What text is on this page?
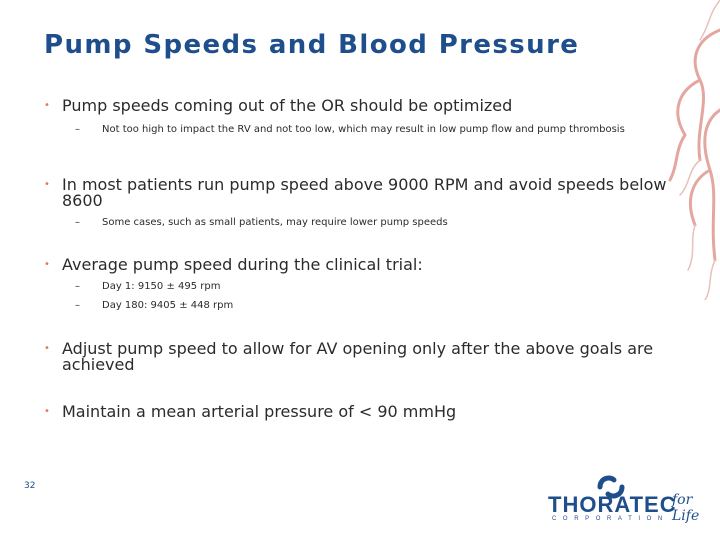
Pump Speeds and Blood Pressure
• Pump speeds coming out of the OR should be optimized
–	Not too high to impact the RV and not too low, which may result in low pump flow and pump thrombosis
• In most patients run pump speed above 9000 RPM and avoid speeds below 8600
–	Some cases, such as small patients, may require lower pump speeds
• Average pump speed during the clinical trial:
–	Day 1: 9150 ± 495 rpm
–	Day 180: 9405 ± 448 rpm
• Adjust pump speed to allow for AV opening only after the above goals are achieved
• Maintain a mean arterial pressure of < 90 mmHg
32
THORATEC
CORPORATION
for Life
